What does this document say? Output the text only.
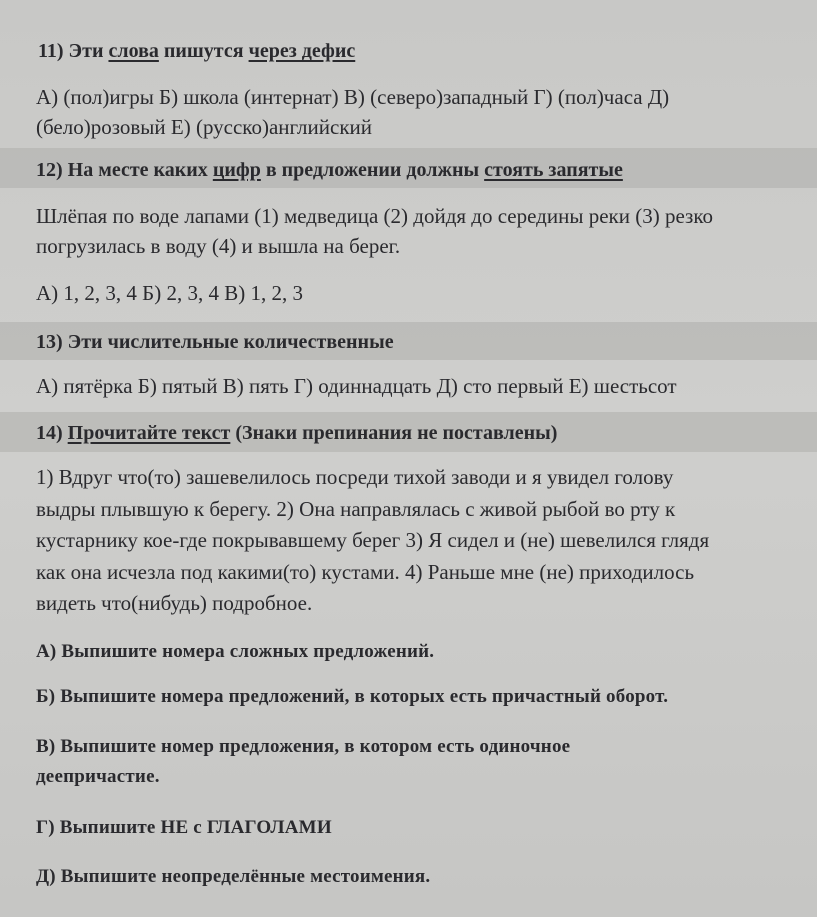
11) Эти слова пишутся через дефис
А) (пол)игры Б) школа (интернат) В) (северо)западный Г) (пол)часа Д)
(бело)розовый Е) (русско)английский
12) На месте каких цифр в предложении должны стоять запятые
Шлёпая по воде лапами (1) медведица (2) дойдя до середины реки (3) резко
погрузилась в воду (4) и вышла на берег.
А) 1, 2, 3, 4 Б) 2, 3, 4 В) 1, 2, 3
13) Эти числительные количественные
А) пятёрка Б) пятый В) пять Г) одиннадцать Д) сто первый Е) шестьсот
14) Прочитайте текст (Знаки препинания не поставлены)
1) Вдруг что(то) зашевелилось посреди тихой заводи и я увидел голову
выдры плывшую к берегу. 2) Она направлялась с живой рыбой во рту к
кустарнику кое-где покрывавшему берег 3) Я сидел и (не) шевелился глядя
как она исчезла под какими(то) кустами. 4) Раньше мне (не) приходилось
видеть что(нибудь) подробное.
А) Выпишите номера сложных предложений.
Б) Выпишите номера предложений, в которых есть причастный оборот.
В) Выпишите номер предложения, в котором есть одиночное
деепричастие.
Г) Выпишите НЕ с ГЛАГОЛАМИ
Д) Выпишите неопределённые местоимения.
